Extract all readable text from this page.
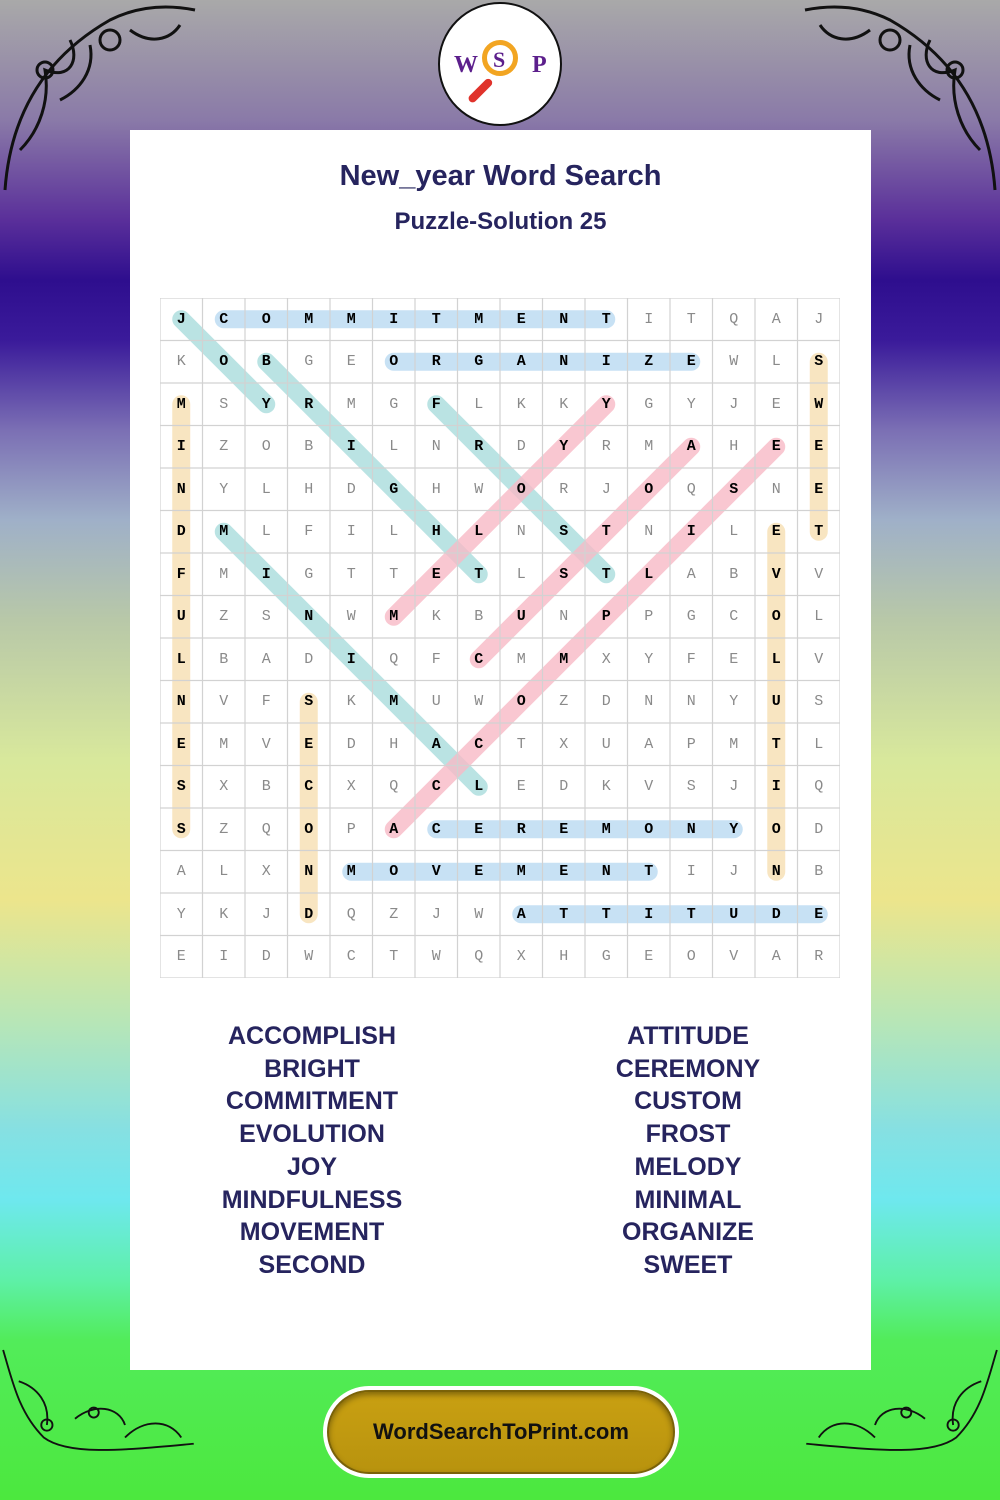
W S P
New_year Word Search
Puzzle-Solution 25
J	C	O	M	M	I	T	M	E	N	T	I	T	Q	A	J
K	O	B	G	E	O	R	G	A	N	I	Z	E	W	L	S
M	S	Y	R	M	G	F	L	K	K	Y	G	Y	J	E	W
I	Z	O	B	I	L	N	R	D	Y	R	M	A	H	E	E
N	Y	L	H	D	G	H	W	O	R	J	O	Q	S	N	E
D	M	L	F	I	L	H	L	N	S	T	N	I	L	E	T
F	M	I	G	T	T	E	T	L	S	T	L	A	B	V	V
U	Z	S	N	W	M	K	B	U	N	P	P	G	C	O	L
L	B	A	D	I	Q	F	C	M	M	X	Y	F	E	L	V
N	V	F	S	K	M	U	W	O	Z	D	N	N	Y	U	S
E	M	V	E	D	H	A	C	T	X	U	A	P	M	T	L
S	X	B	C	X	Q	C	L	E	D	K	V	S	J	I	Q
S	Z	Q	O	P	A	C	E	R	E	M	O	N	Y	O	D
A	L	X	N	M	O	V	E	M	E	N	T	I	J	N	B
Y	K	J	D	Q	Z	J	W	A	T	T	I	T	U	D	E
E	I	D	W	C	T	W	Q	X	H	G	E	O	V	A	R
ACCOMPLISH
BRIGHT
COMMITMENT
EVOLUTION
JOY
MINDFULNESS
MOVEMENT
SECOND
ATTITUDE
CEREMONY
CUSTOM
FROST
MELODY
MINIMAL
ORGANIZE
SWEET
WordSearchToPrint.com
